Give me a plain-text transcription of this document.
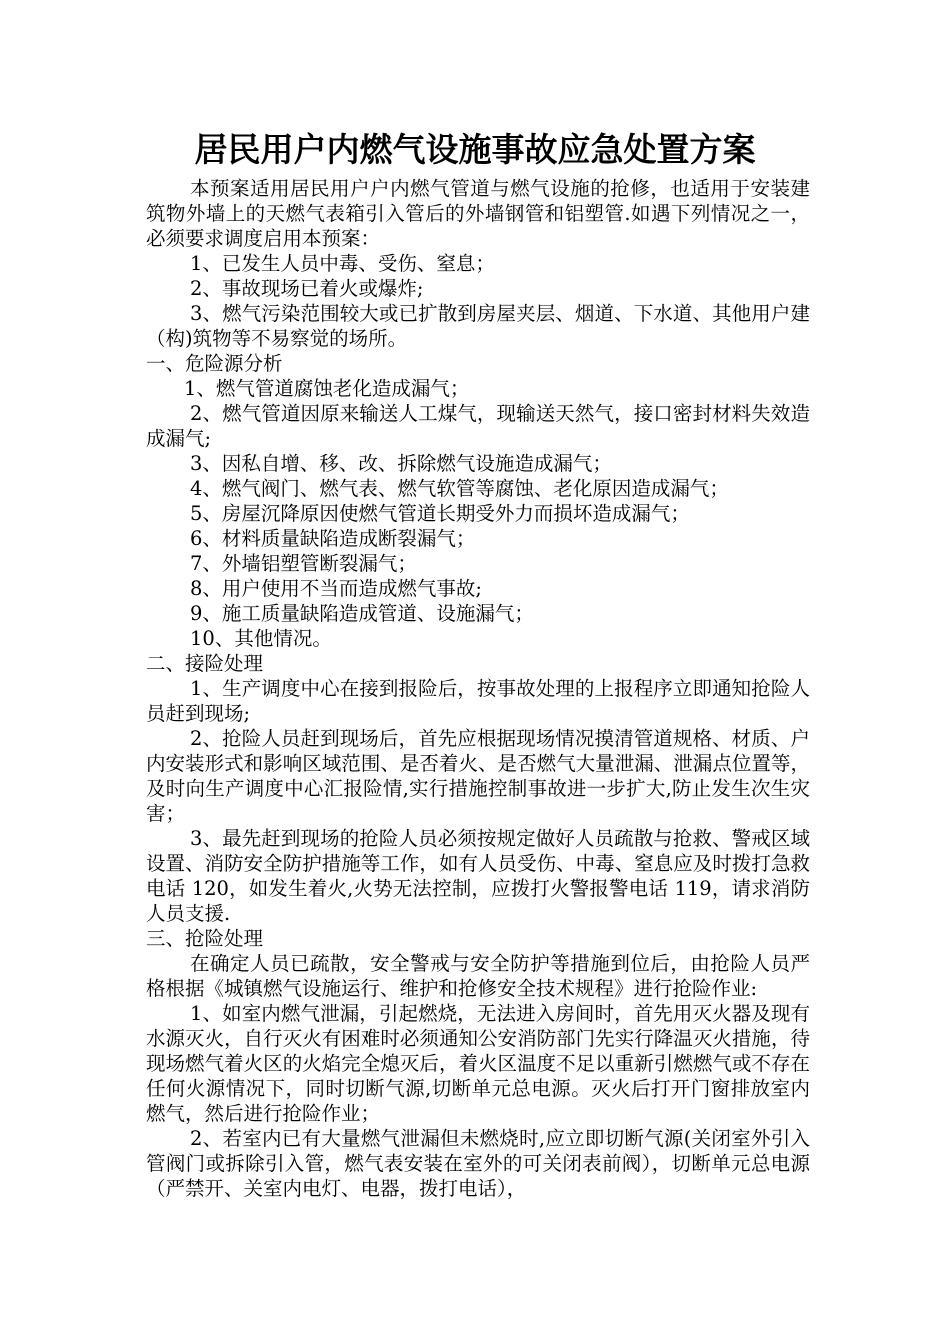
居民用户内燃气设施事故应急处置方案

本预案适用居民用户户内燃气管道与燃气设施的抢修，也适用于安装建筑物外墙上的天燃气表箱引入管后的外墙钢管和铝塑管.如遇下列情况之一，必须要求调度启用本预案：

1、已发生人员中毒、受伤、窒息；

2、事故现场已着火或爆炸;

3、燃气污染范围较大或已扩散到房屋夹层、烟道、下水道、其他用户建（构)筑物等不易察觉的场所。

一、危险源分析

1、燃气管道腐蚀老化造成漏气；

2、燃气管道因原来输送人工煤气，现输送天然气，接口密封材料失效造成漏气;

3、因私自增、移、改、拆除燃气设施造成漏气；

4、燃气阀门、燃气表、燃气软管等腐蚀、老化原因造成漏气；

5、房屋沉降原因使燃气管道长期受外力而损坏造成漏气；

6、材料质量缺陷造成断裂漏气；

7、外墙铝塑管断裂漏气；

8、用户使用不当而造成燃气事故;

9、施工质量缺陷造成管道、设施漏气；

10、其他情况。

二、接险处理

1、生产调度中心在接到报险后，按事故处理的上报程序立即通知抢险人员赶到现场;

2、抢险人员赶到现场后，首先应根据现场情况摸清管道规格、材质、户内安装形式和影响区域范围、是否着火、是否燃气大量泄漏、泄漏点位置等，及时向生产调度中心汇报险情,实行措施控制事故进一步扩大,防止发生次生灾害；

3、最先赶到现场的抢险人员必须按规定做好人员疏散与抢救、警戒区域设置、消防安全防护措施等工作，如有人员受伤、中毒、窒息应及时拨打急救电话 120，如发生着火,火势无法控制，应拨打火警报警电话 119，请求消防人员支援.

三、抢险处理

在确定人员已疏散，安全警戒与安全防护等措施到位后，由抢险人员严格根据《城镇燃气设施运行、维护和抢修安全技术规程》进行抢险作业:

1、如室内燃气泄漏，引起燃烧，无法进入房间时，首先用灭火器及现有水源灭火，自行灭火有困难时必须通知公安消防部门先实行降温灭火措施，待现场燃气着火区的火焰完全熄灭后，着火区温度不足以重新引燃燃气或不存在任何火源情况下，同时切断气源,切断单元总电源。灭火后打开门窗排放室内燃气，然后进行抢险作业；

2、若室内已有大量燃气泄漏但未燃烧时,应立即切断气源(关闭室外引入管阀门或拆除引入管，燃气表安装在室外的可关闭表前阀），切断单元总电源（严禁开、关室内电灯、电器，拨打电话），
